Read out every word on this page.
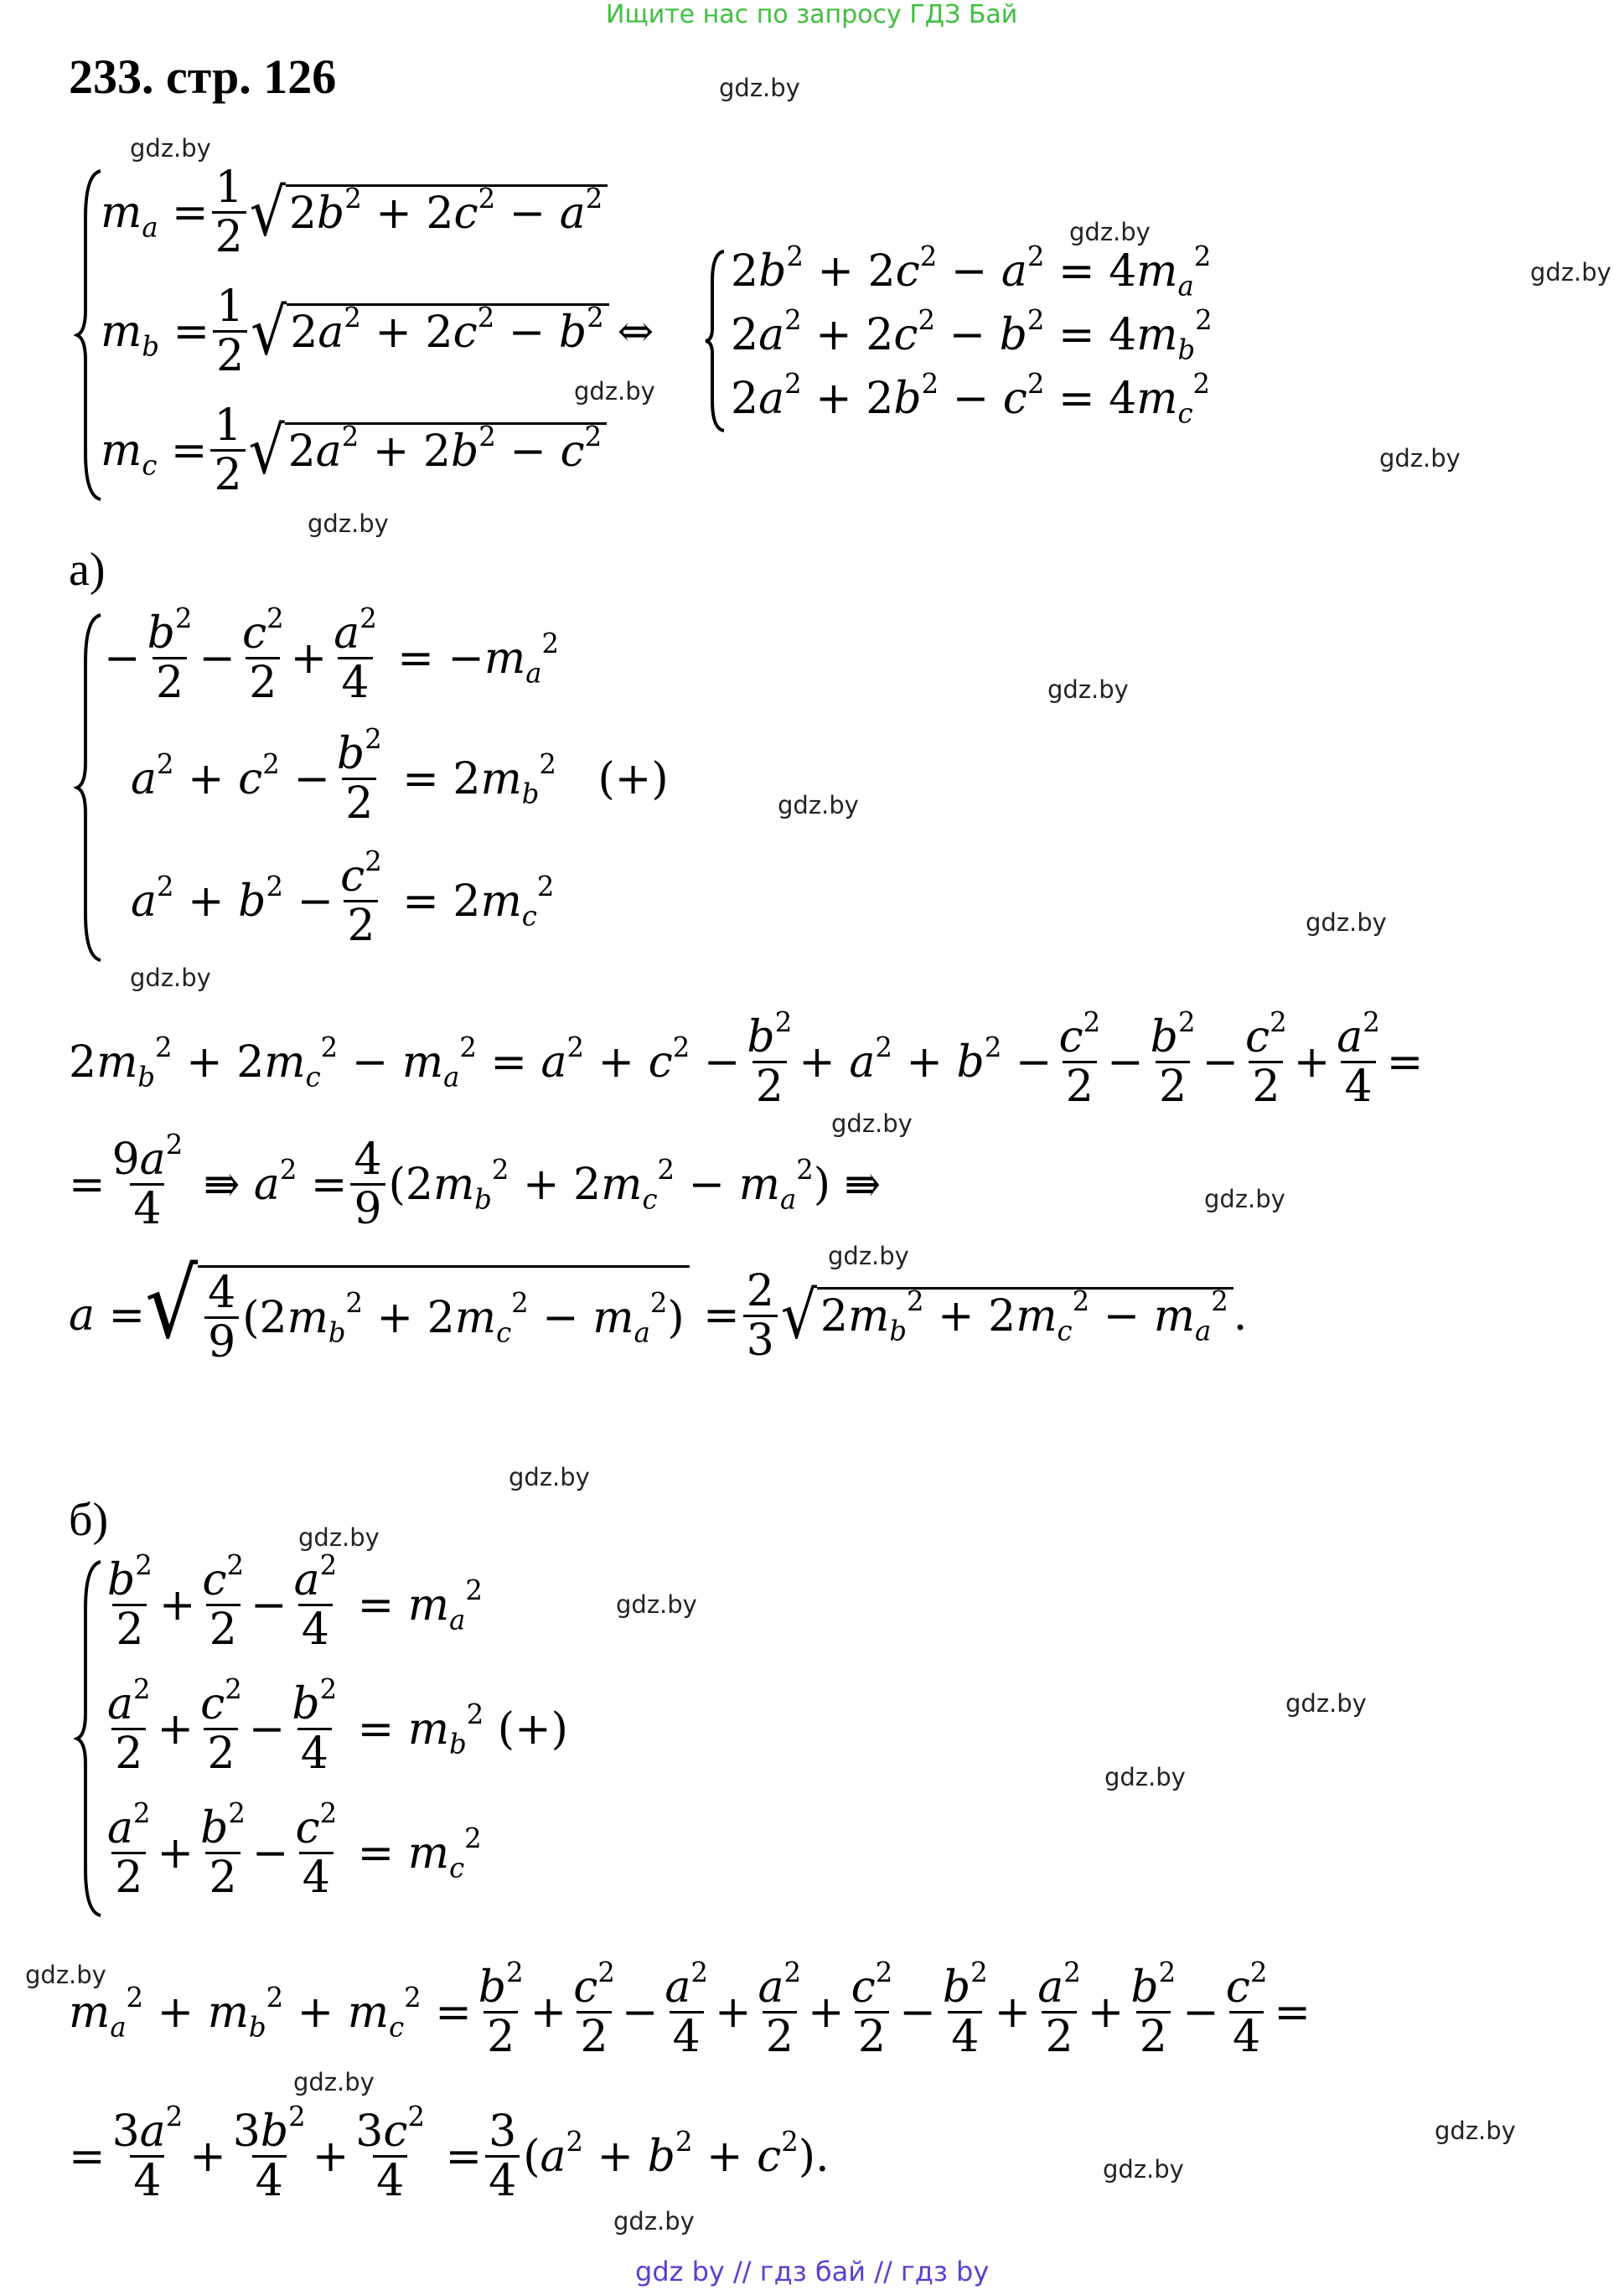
Ищите нас по запросу ГДЗ Бай
233. стр. 126	gdz.by
gdz.by
gdz.by
gdz.by
gdz.by
gdz.by
gdz.by
gdz.by
gdz.by
gdz.by
gdz.by
gdz.by
gdz.by
gdz.by
gdz.by
gdz.by
gdz.by
gdz.by
gdz.by
gdz.by
gdz.by
gdz.by
gdz.by
gdz.by
$m_a = \frac{1}{2}$ √ $2b^2 + 2c^2 - a^2$
$m_b = \frac{1}{2}$ √ $2a^2 + 2c^2 - b^2$ ⇔
$m_c = \frac{1}{2}$ √ $2a^2 + 2b^2 - c^2$
$2b^2 + 2c^2 - a^2 = 4m_a^2$
$2a^2 + 2c^2 - b^2 = 4m_b^2$
$2a^2 + 2b^2 - c^2 = 4m_c^2$
а)
− $\frac{b^2}{2} - \frac{c^2}{2} + \frac{a^2}{4} = -m_a^2$
$a^2 + c^2 - \frac{b^2}{2} = 2m_b^2$   (+)
$a^2 + b^2 - \frac{c^2}{2} = 2m_c^2$
$2m_b^2 + 2m_c^2 - m_a^2 = a^2 + c^2 - \frac{b^2}{2} + a^2 + b^2 - \frac{c^2}{2} - \frac{b^2}{2} - \frac{c^2}{2} + \frac{a^2}{4}$ =
= $\frac{9a^2}{4}$ ⇛ $a^2 = \frac{4}{9} (2m_b^2 + 2m_c^2 - m_a^2)$ ⇛
a = √ $\frac{4}{9} (2m_b^2 + 2m_c^2 - m_a^2) = \frac{2}{3}$ √ $2m_b^2 + 2m_c^2 - m_a^2$ .
б)
$\frac{b^2}{2} + \frac{c^2}{2} - \frac{a^2}{4} = m_a^2$
$\frac{a^2}{2} + \frac{c^2}{2} - \frac{b^2}{4} = m_b^2$ (+)
$\frac{a^2}{2} + \frac{b^2}{2} - \frac{c^2}{4} = m_c^2$
$m_a^2 + m_b^2 + m_c^2 = \frac{b^2}{2} + \frac{c^2}{2} - \frac{a^2}{4} + \frac{a^2}{2} + \frac{c^2}{2} - \frac{b^2}{4} + \frac{a^2}{2} + \frac{b^2}{2} - \frac{c^2}{4}$ =
= $\frac{3a^2}{4} + \frac{3b^2}{4} + \frac{3c^2}{4} = \frac{3}{4} (a^2 + b^2 + c^2)$.
gdz by // гдз бай // гдз by
